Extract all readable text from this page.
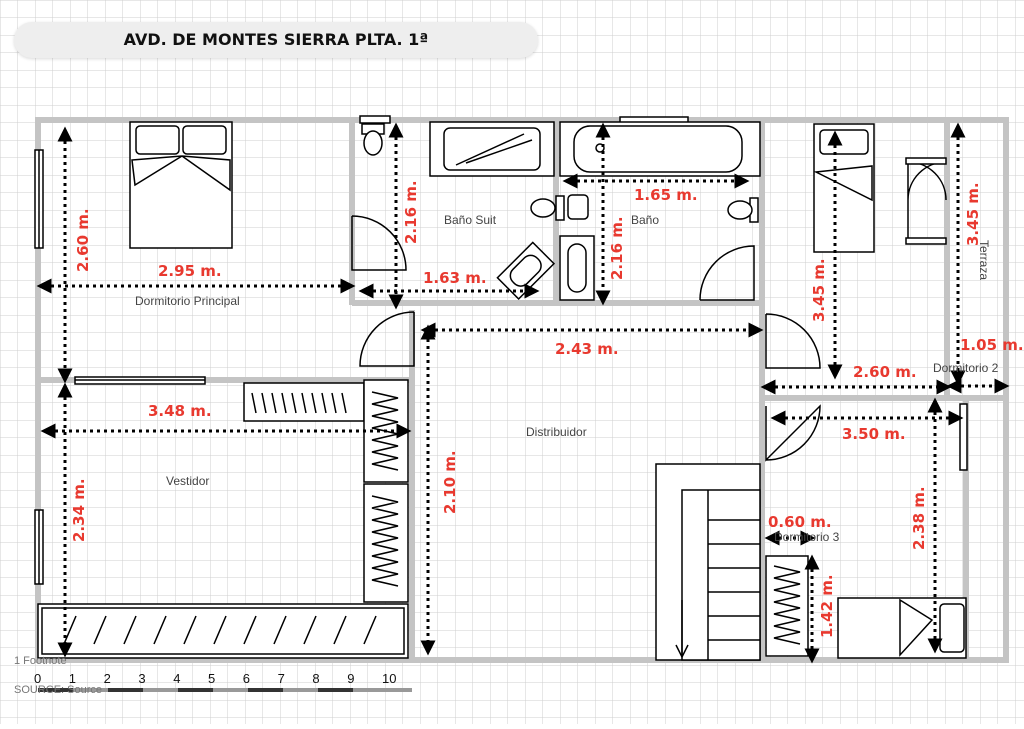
Dormitorio Principal
Baño Suit	Baño
Terraza
Dormitorio 2
Distribuidor
Vestidor
Dormitorio 3
2.60 m.	2.95 m.
2.16 m.
1.63 m.	2.16 m.
1.65 m.
3.45 m.
3.45 m.
1.05 m.
2.60 m.
2.43 m.
3.48 m.
3.50 m.
2.34 m.	2.10 m.
2.38 m.
0.60 m.
1.42 m.
0 1 2 3 4 5 6 7 8 9 10
1 Footnote
SOURCE: Source
AVD. DE MONTES SIERRA PLTA. 1ª
